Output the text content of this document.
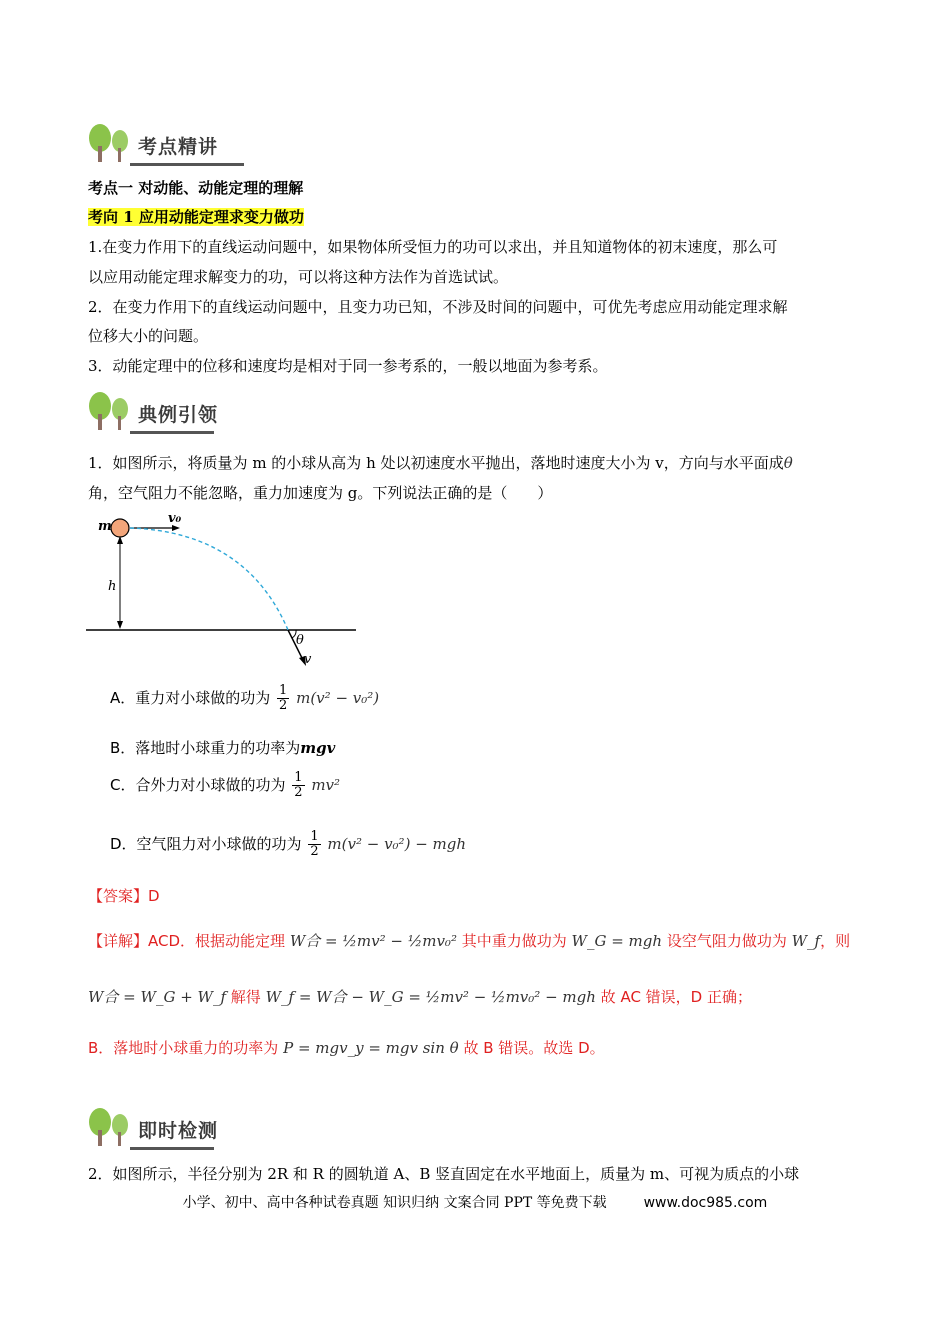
考点精讲
考点一 对动能、动能定理的理解
考向 1 应用动能定理求变力做功
1.在变力作用下的直线运动问题中，如果物体所受恒力的功可以求出，并且知道物体的初末速度，那么可
以应用动能定理求解变力的功，可以将这种方法作为首选试试。
2．在变力作用下的直线运动问题中，且变力功已知，不涉及时间的问题中，可优先考虑应用动能定理求解
位移大小的问题。
3．动能定理中的位移和速度均是相对于同一参考系的，一般以地面为参考系。
典例引领
1．如图所示，将质量为 m 的小球从高为 h 处以初速度水平抛出，落地时速度大小为 v，方向与水平面成θ
角，空气阻力不能忽略，重力加速度为 g。下列说法正确的是（　　）
m
v₀
h
θ
v
A．重力对小球做的功为 $\frac{1}{2} m(v^2 - v_0^2)$
B．落地时小球重力的功率为mgv
C．合外力对小球做的功为 $\frac{1}{2} mv^2$
D．空气阻力对小球做的功为 $\frac{1}{2} m(v^2 - v_0^2)$ − mgh
【答案】D
【详解】ACD．根据动能定理 W合 = ½mv² − ½mv₀² 其中重力做功为 W_G = mgh 设空气阻力做功为 W_f，则
W合 = W_G + W_f 解得 W_f = W合 − W_G = ½mv² − ½mv₀² − mgh 故 AC 错误，D 正确；
B．落地时小球重力的功率为 P = mgv_y = mgv sin θ 故 B 错误。故选 D。
即时检测
2．如图所示，半径分别为 2R 和 R 的圆轨道 A、B 竖直固定在水平地面上，质量为 m、可视为质点的小球
小学、初中、高中各种试卷真题 知识归纳 文案合同 PPT 等免费下载	www.doc985.com
